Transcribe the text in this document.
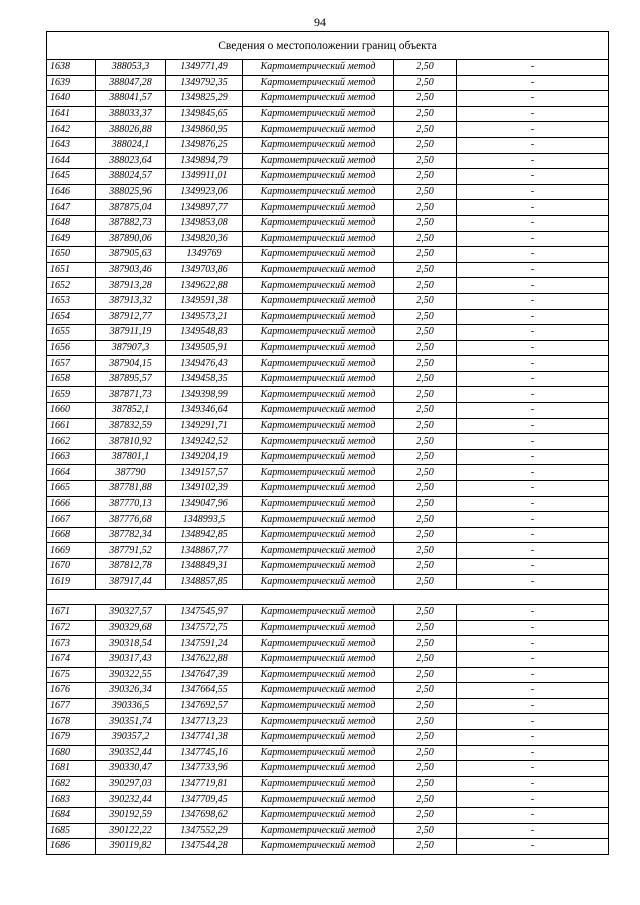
94
Сведения о местоположении границ объекта					
1638	388053,3	1349771,49	Картометрический метод	2,50	-
1639	388047,28	1349792,35	Картометрический метод	2,50	-
1640	388041,57	1349825,29	Картометрический метод	2,50	-
1641	388033,37	1349845,65	Картометрический метод	2,50	-
1642	388026,88	1349860,95	Картометрический метод	2,50	-
1643	388024,1	1349876,25	Картометрический метод	2,50	-
1644	388023,64	1349894,79	Картометрический метод	2,50	-
1645	388024,57	1349911,01	Картометрический метод	2,50	-
1646	388025,96	1349923,06	Картометрический метод	2,50	-
1647	387875,04	1349897,77	Картометрический метод	2,50	-
1648	387882,73	1349853,08	Картометрический метод	2,50	-
1649	387890,06	1349820,36	Картометрический метод	2,50	-
1650	387905,63	1349769	Картометрический метод	2,50	-
1651	387903,46	1349703,86	Картометрический метод	2,50	-
1652	387913,28	1349622,88	Картометрический метод	2,50	-
1653	387913,32	1349591,38	Картометрический метод	2,50	-
1654	387912,77	1349573,21	Картометрический метод	2,50	-
1655	387911,19	1349548,83	Картометрический метод	2,50	-
1656	387907,3	1349505,91	Картометрический метод	2,50	-
1657	387904,15	1349476,43	Картометрический метод	2,50	-
1658	387895,57	1349458,35	Картометрический метод	2,50	-
1659	387871,73	1349398,99	Картометрический метод	2,50	-
1660	387852,1	1349346,64	Картометрический метод	2,50	-
1661	387832,59	1349291,71	Картометрический метод	2,50	-
1662	387810,92	1349242,52	Картометрический метод	2,50	-
1663	387801,1	1349204,19	Картометрический метод	2,50	-
1664	387790	1349157,57	Картометрический метод	2,50	-
1665	387781,88	1349102,39	Картометрический метод	2,50	-
1666	387770,13	1349047,96	Картометрический метод	2,50	-
1667	387776,68	1348993,5	Картометрический метод	2,50	-
1668	387782,34	1348942,85	Картометрический метод	2,50	-
1669	387791,52	1348867,77	Картометрический метод	2,50	-
1670	387812,78	1348849,31	Картометрический метод	2,50	-
1619	387917,44	1348857,85	Картометрический метод	2,50	-

1671	390327,57	1347545,97	Картометрический метод	2,50	-
1672	390329,68	1347572,75	Картометрический метод	2,50	-
1673	390318,54	1347591,24	Картометрический метод	2,50	-
1674	390317,43	1347622,88	Картометрический метод	2,50	-
1675	390322,55	1347647,39	Картометрический метод	2,50	-
1676	390326,34	1347664,55	Картометрический метод	2,50	-
1677	390336,5	1347692,57	Картометрический метод	2,50	-
1678	390351,74	1347713,23	Картометрический метод	2,50	-
1679	390357,2	1347741,38	Картометрический метод	2,50	-
1680	390352,44	1347745,16	Картометрический метод	2,50	-
1681	390330,47	1347733,96	Картометрический метод	2,50	-
1682	390297,03	1347719,81	Картометрический метод	2,50	-
1683	390232,44	1347709,45	Картометрический метод	2,50	-
1684	390192,59	1347698,62	Картометрический метод	2,50	-
1685	390122,22	1347552,29	Картометрический метод	2,50	-
1686	390119,82	1347544,28	Картометрический метод	2,50	-
